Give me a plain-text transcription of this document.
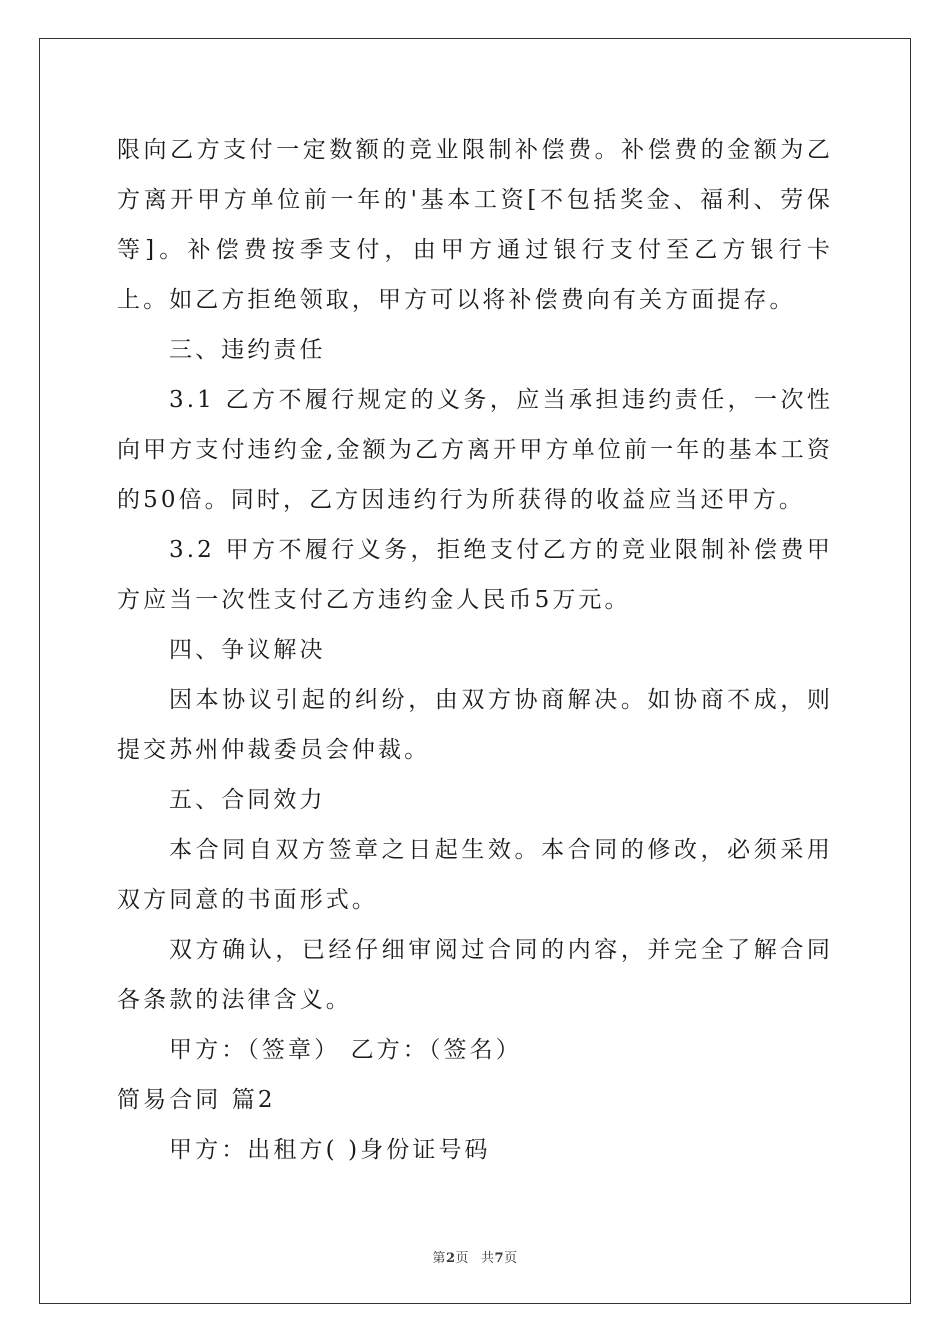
限向乙方支付一定数额的竞业限制补偿费。补偿费的金额为乙方离开甲方单位前一年的'基本工资[不包括奖金、福利、劳保等]。补偿费按季支付，由甲方通过银行支付至乙方银行卡上。如乙方拒绝领取，甲方可以将补偿费向有关方面提存。

三、违约责任

3.1 乙方不履行规定的义务，应当承担违约责任，一次性向甲方支付违约金,金额为乙方离开甲方单位前一年的基本工资的50倍。同时，乙方因违约行为所获得的收益应当还甲方。

3.2 甲方不履行义务，拒绝支付乙方的竞业限制补偿费甲方应当一次性支付乙方违约金人民币5万元。

四、争议解决

因本协议引起的纠纷，由双方协商解决。如协商不成，则提交苏州仲裁委员会仲裁。

五、合同效力

本合同自双方签章之日起生效。本合同的修改，必须采用双方同意的书面形式。

双方确认，已经仔细审阅过合同的内容，并完全了解合同各条款的法律含义。

甲方：（签章） 乙方：（签名）

简易合同 篇2

甲方：出租方( )身份证号码

第2页 共7页
